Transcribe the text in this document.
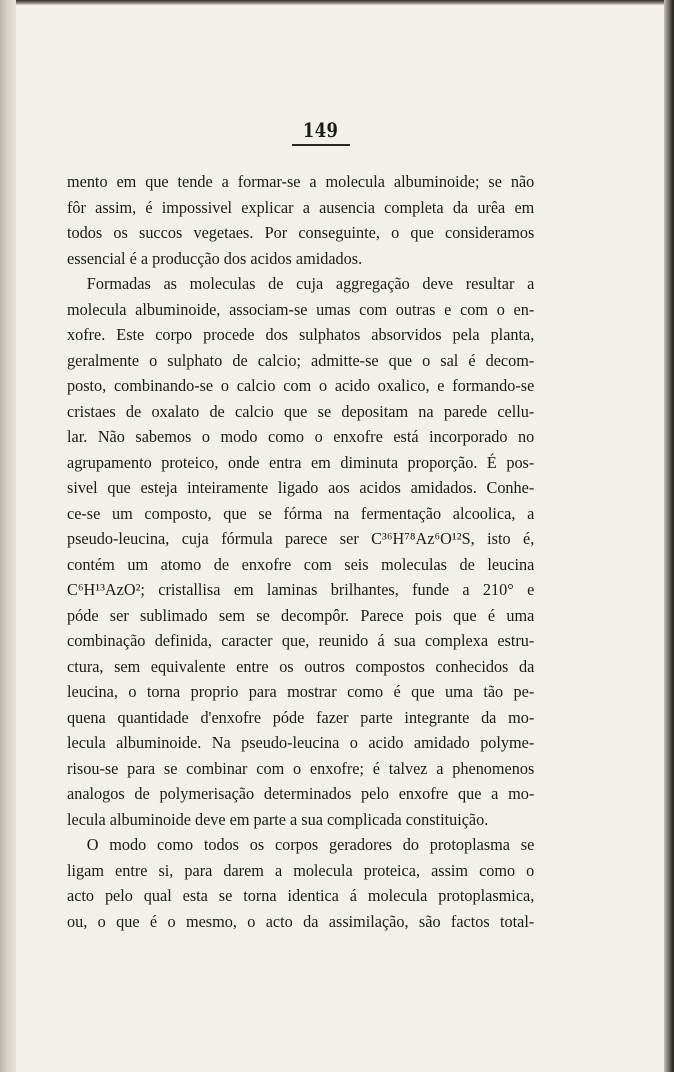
149
mento em que tende a formar-se a molecula albuminoide; se não
fôr assim, é impossivel explicar a ausencia completa da urêa em
todos os succos vegetaes. Por conseguinte, o que consideramos
essencial é a producção dos acidos amidados.
Formadas as moleculas de cuja aggregação deve resultar a
molecula albuminoide, associam-se umas com outras e com o en-
xofre. Este corpo procede dos sulphatos absorvidos pela planta,
geralmente o sulphato de calcio; admitte-se que o sal é decom-
posto, combinando-se o calcio com o acido oxalico, e formando-se
cristaes de oxalato de calcio que se depositam na parede cellu-
lar. Não sabemos o modo como o enxofre está incorporado no
agrupamento proteico, onde entra em diminuta proporção. É pos-
sivel que esteja inteiramente ligado aos acidos amidados. Conhe-
ce-se um composto, que se fórma na fermentação alcoolica, a
pseudo-leucina, cuja fórmula parece ser C³⁶H⁷⁸Az⁶O¹²S, isto é,
contém um atomo de enxofre com seis moleculas de leucina
C⁶H¹³AzO²; cristallisa em laminas brilhantes, funde a 210° e
póde ser sublimado sem se decompôr. Parece pois que é uma
combinação definida, caracter que, reunido á sua complexa estru-
ctura, sem equivalente entre os outros compostos conhecidos da
leucina, o torna proprio para mostrar como é que uma tão pe-
quena quantidade d'enxofre póde fazer parte integrante da mo-
lecula albuminoide. Na pseudo-leucina o acido amidado polyme-
risou-se para se combinar com o enxofre; é talvez a phenomenos
analogos de polymerisação determinados pelo enxofre que a mo-
lecula albuminoide deve em parte a sua complicada constituição.
O modo como todos os corpos geradores do protoplasma se
ligam entre si, para darem a molecula proteica, assim como o
acto pelo qual esta se torna identica á molecula protoplasmica,
ou, o que é o mesmo, o acto da assimilação, são factos total-
